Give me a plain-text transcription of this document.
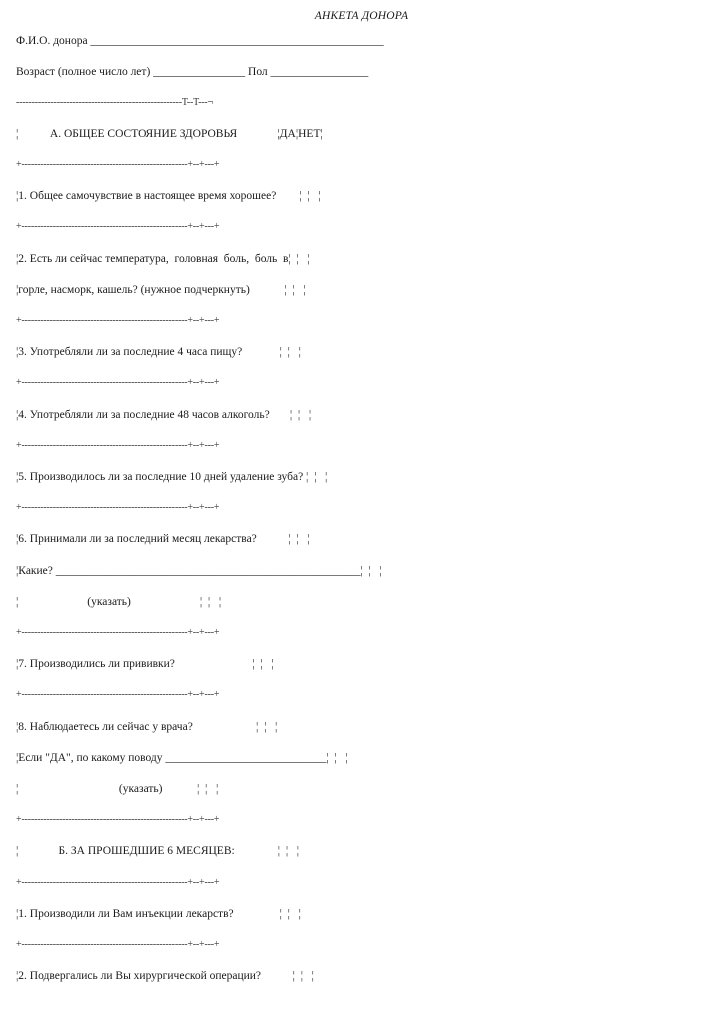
АНКЕТА ДОНОРА
Ф.И.О. донора ___________________________________________________
Возраст (полное число лет) ________________ Пол _________________
-----------------------------------------------------T--T---¬
¦           А. ОБЩЕЕ СОСТОЯНИЕ ЗДОРОВЬЯ              ¦ДА¦НЕТ¦
+-----------------------------------------------------+--+---+
¦1. Общее самочувствие в настоящее время хорошее?        ¦  ¦   ¦
+-----------------------------------------------------+--+---+
¦2. Есть ли сейчас температура,  головная  боль,  боль  в¦  ¦   ¦
¦горле, насморк, кашель? (нужное подчеркнуть)            ¦  ¦   ¦
+-----------------------------------------------------+--+---+
¦3. Употребляли ли за последние 4 часа пищу?             ¦  ¦   ¦
+-----------------------------------------------------+--+---+
¦4. Употребляли ли за последние 48 часов алкоголь?       ¦  ¦   ¦
+-----------------------------------------------------+--+---+
¦5. Производилось ли за последние 10 дней удаление зуба? ¦  ¦   ¦
+-----------------------------------------------------+--+---+
¦6. Принимали ли за последний месяц лекарства?           ¦  ¦   ¦
¦Какие? _____________________________________________________¦  ¦   ¦
¦                        (указать)                        ¦  ¦   ¦
+-----------------------------------------------------+--+---+
¦7. Производились ли прививки?                           ¦  ¦   ¦
+-----------------------------------------------------+--+---+
¦8. Наблюдаетесь ли сейчас у врача?                      ¦  ¦   ¦
¦Если "ДА", по какому поводу ____________________________¦  ¦   ¦
¦                                   (указать)            ¦  ¦   ¦
+-----------------------------------------------------+--+---+
¦              Б. ЗА ПРОШЕДШИЕ 6 МЕСЯЦЕВ:               ¦  ¦   ¦
+-----------------------------------------------------+--+---+
¦1. Производили ли Вам инъекции лекарств?                ¦  ¦   ¦
+-----------------------------------------------------+--+---+
¦2. Подвергались ли Вы хирургической операции?           ¦  ¦   ¦
